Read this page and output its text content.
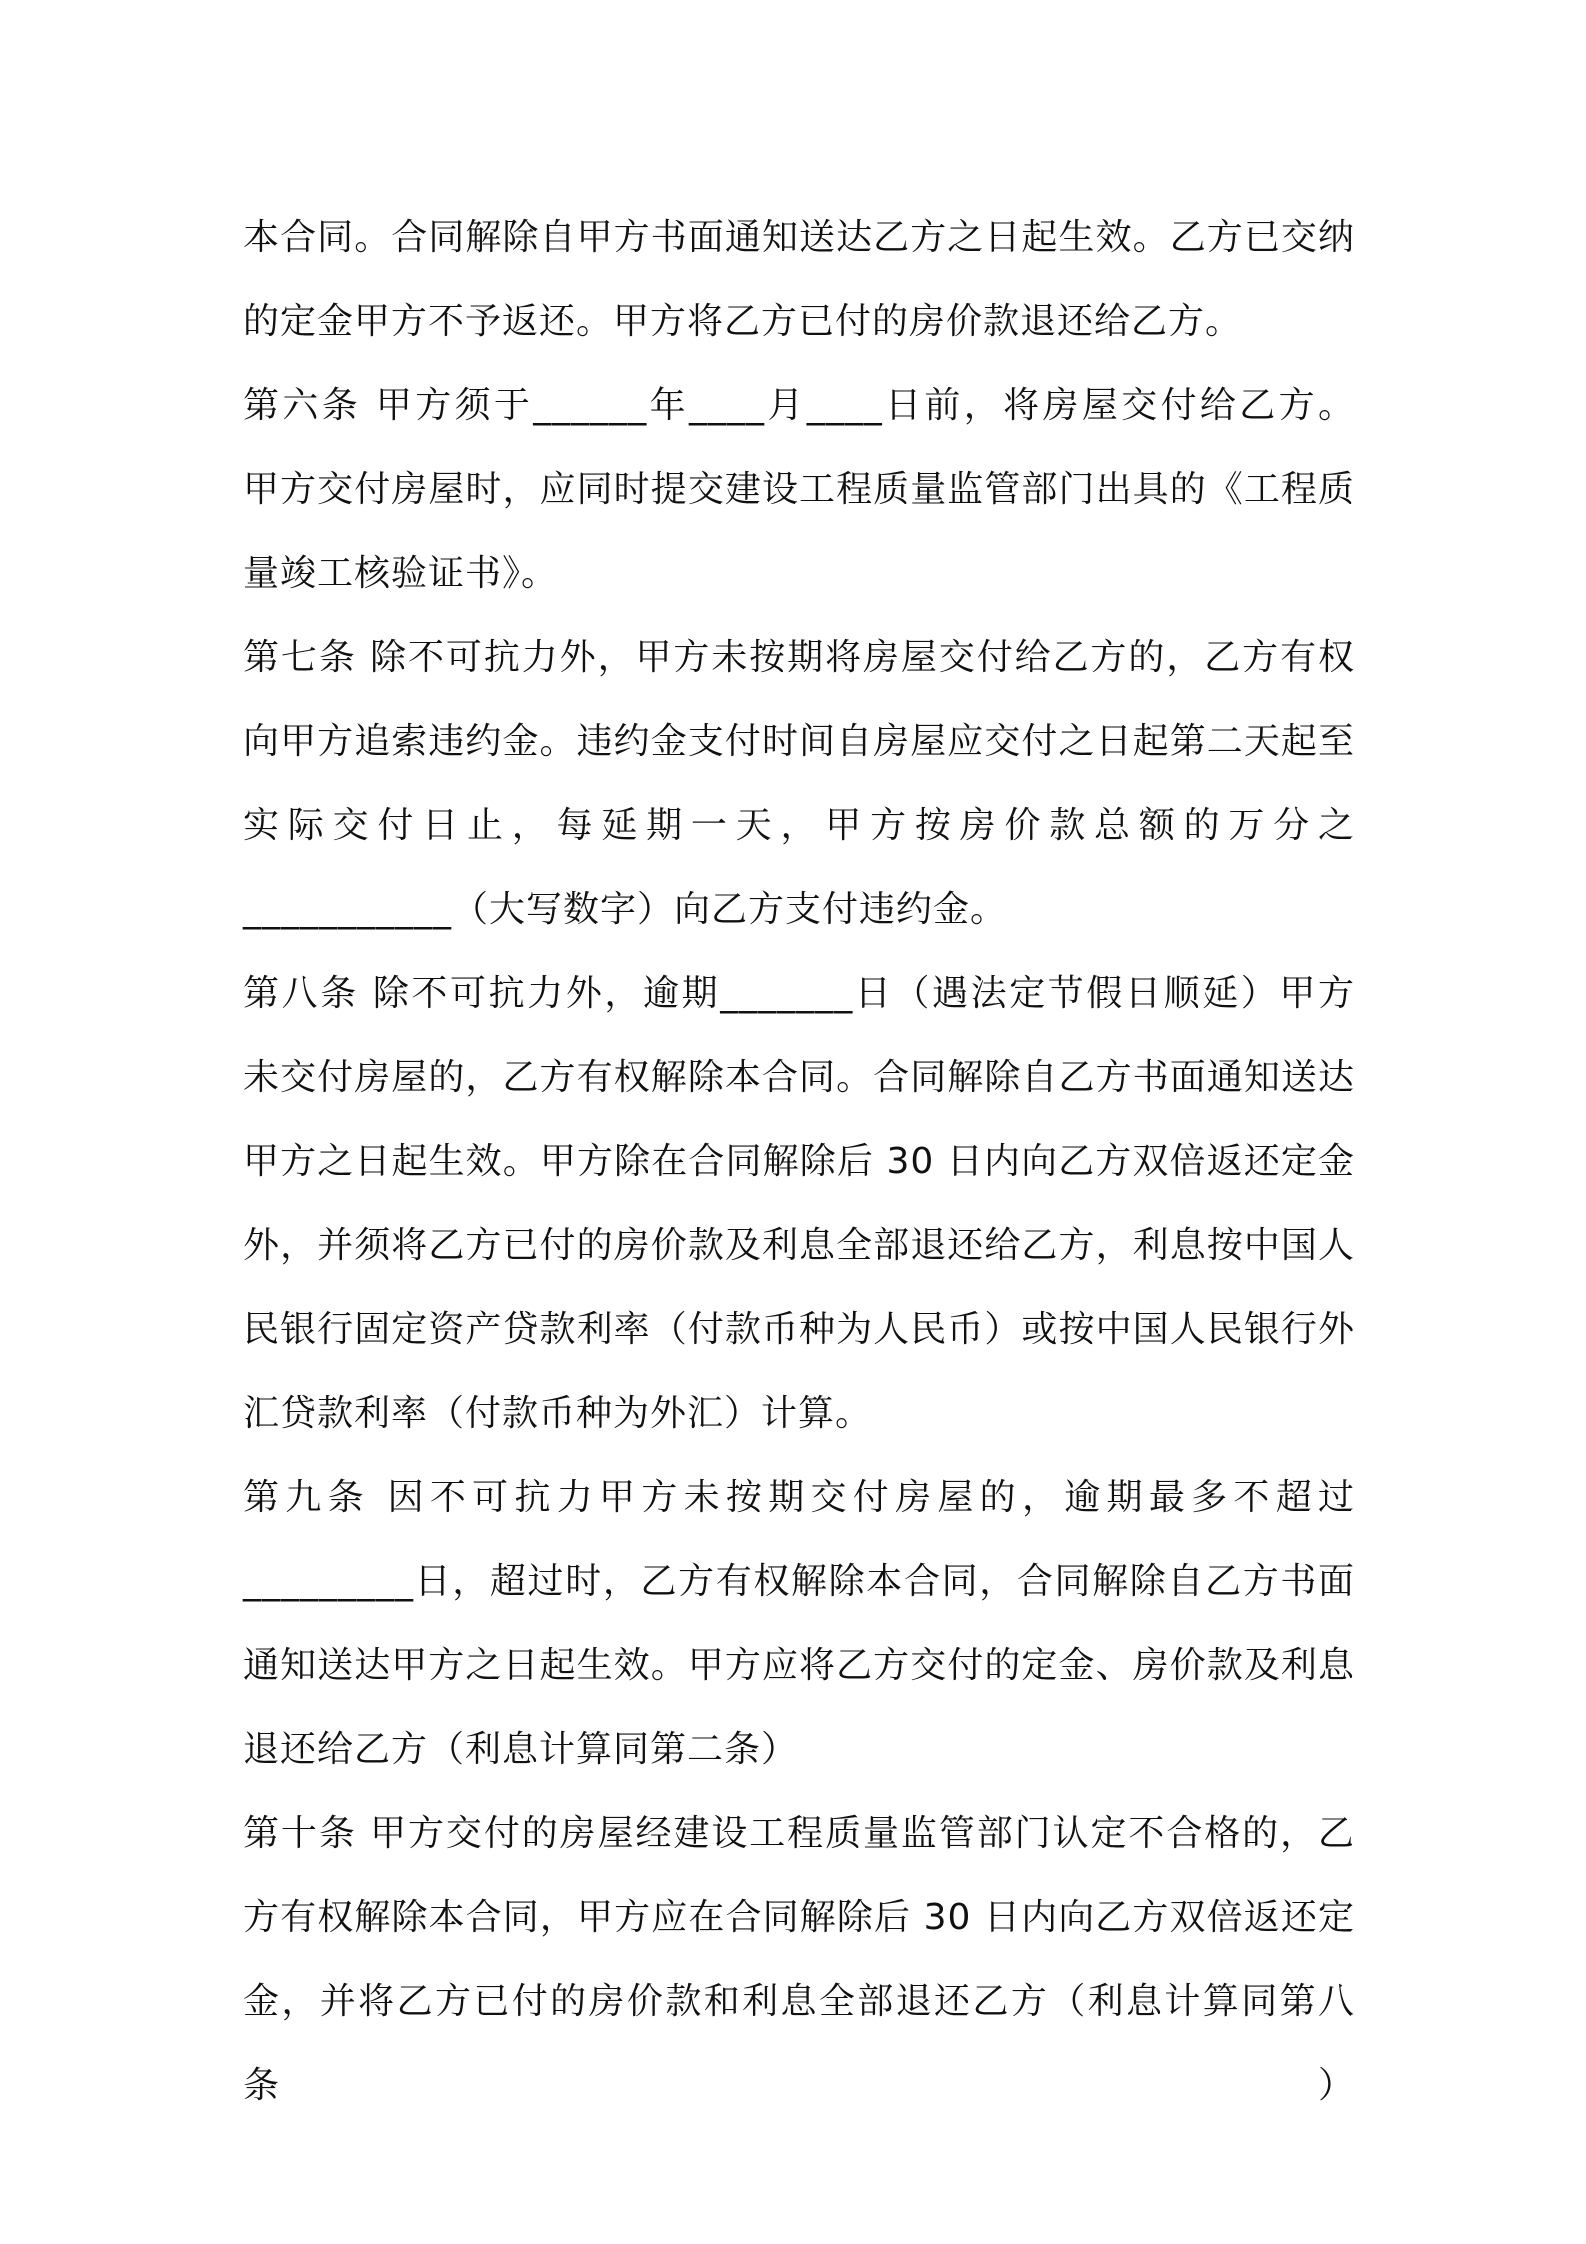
本合同。合同解除自甲方书面通知送达乙方之日起生效。乙方已交纳
的定金甲方不予返还。甲方将乙方已付的房价款退还给乙方。
第六条 甲方须于______年____月____日前，将房屋交付给乙方。
甲方交付房屋时，应同时提交建设工程质量监管部门出具的《工程质
量竣工核验证书》。
第七条 除不可抗力外，甲方未按期将房屋交付给乙方的，乙方有权
向甲方追索违约金。违约金支付时间自房屋应交付之日起第二天起至
实际交付日止，每延期一天，甲方按房价款总额的万分之
___________（大写数字）向乙方支付违约金。
第八条 除不可抗力外，逾期_______日（遇法定节假日顺延）甲方
未交付房屋的，乙方有权解除本合同。合同解除自乙方书面通知送达
甲方之日起生效。甲方除在合同解除后 30 日内向乙方双倍返还定金
外，并须将乙方已付的房价款及利息全部退还给乙方，利息按中国人
民银行固定资产贷款利率（付款币种为人民币）或按中国人民银行外
汇贷款利率（付款币种为外汇）计算。
第九条 因不可抗力甲方未按期交付房屋的，逾期最多不超过
_________日，超过时，乙方有权解除本合同，合同解除自乙方书面
通知送达甲方之日起生效。甲方应将乙方交付的定金、房价款及利息
退还给乙方（利息计算同第二条）
第十条 甲方交付的房屋经建设工程质量监管部门认定不合格的，乙
方有权解除本合同，甲方应在合同解除后 30 日内向乙方双倍返还定
金，并将乙方已付的房价款和利息全部退还乙方（利息计算同第八条）
